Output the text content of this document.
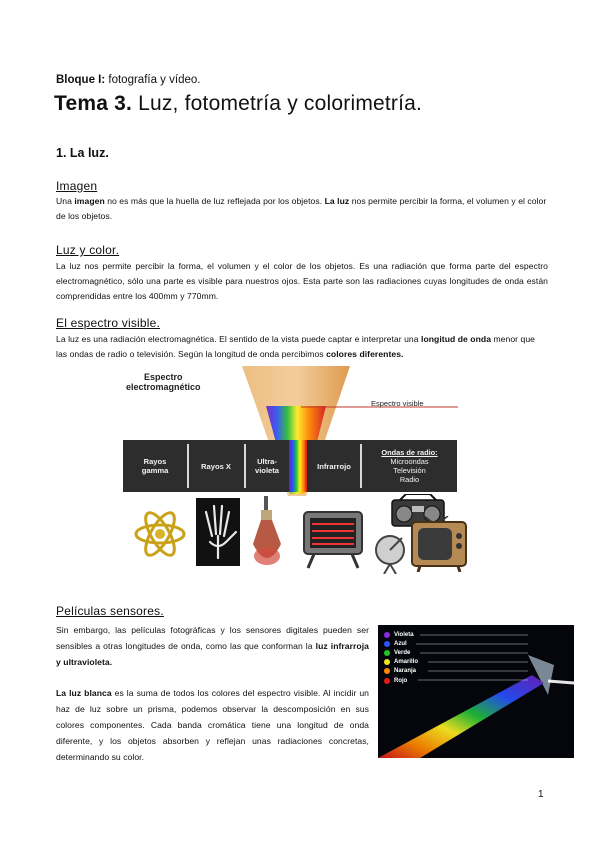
Bloque I: fotografía y vídeo.
Tema 3. Luz, fotometría y colorimetría.
1. La luz.
Imagen
Una imagen no es más que la huella de luz reflejada por los objetos. La luz nos permite percibir la forma, el volumen y el color de los objetos.
Luz y color.
La luz nos permite percibir la forma, el volumen y el color de los objetos. Es una radiación que forma parte del espectro electromagnético, sólo una parte es visible para nuestros ojos. Esta parte son las radiaciones cuyas longitudes de onda están comprendidas entre los 400mm y 770mm.
El espectro visible.
La luz es una radiación electromagnética. El sentido de la vista puede captar e interpretar una longitud de onda menor que las ondas de radio o televisión. Según la longitud de onda percibimos colores diferentes.
Espectro
electromagnético
Espectro visible
Rayos
gamma	Rayos X	Ultra-
violeta	Infrarrojo
Ondas de radio:
Microondas
Televisión
Radio
Películas sensores.
Sin embargo, las películas fotográficas y los sensores digitales pueden ser sensibles a otras longitudes de onda, como las que conforman la luz infrarroja y ultravioleta.
La luz blanca es la suma de todos los colores del espectro visible. Al incidir un haz de luz sobre un prisma, podemos observar la descomposición en sus colores componentes. Cada banda cromática tiene una longitud de onda diferente, y los objetos absorben y reflejan unas radiaciones concretas, determinando su color.
Violeta
Azul
Verde
Amarillo
Naranja
Rojo
1
